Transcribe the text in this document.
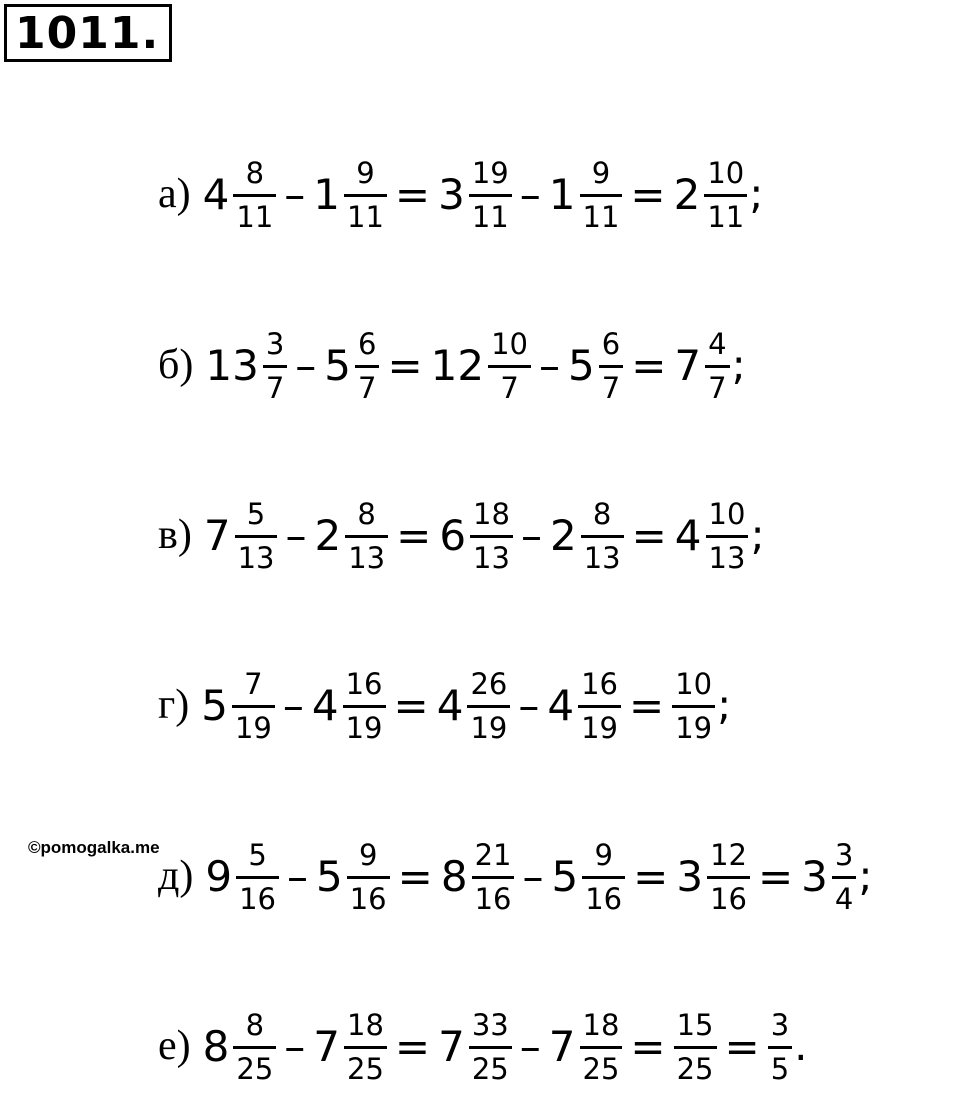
1011.
©pomogalka.me
а) $4 \frac{8}{11} - 1 \frac{9}{11} = 3 \frac{19}{11} - 1 \frac{9}{11} = 2 \frac{10}{11}$ ;
б) $13 \frac{3}{7} - 5 \frac{6}{7} = 12 \frac{10}{7} - 5 \frac{6}{7} = 7 \frac{4}{7}$ ;
в) $7 \frac{5}{13} - 2 \frac{8}{13} = 6 \frac{18}{13} - 2 \frac{8}{13} = 4 \frac{10}{13}$ ;
г) $5 \frac{7}{19} - 4 \frac{16}{19} = 4 \frac{26}{19} - 4 \frac{16}{19} = \frac{10}{19}$ ;
д) $9 \frac{5}{16} - 5 \frac{9}{16} = 8 \frac{21}{16} - 5 \frac{9}{16} = 3 \frac{12}{16} = 3 \frac{3}{4}$ ;
е) $8 \frac{8}{25} - 7 \frac{18}{25} = 7 \frac{33}{25} - 7 \frac{18}{25} = \frac{15}{25} = \frac{3}{5}$ .
